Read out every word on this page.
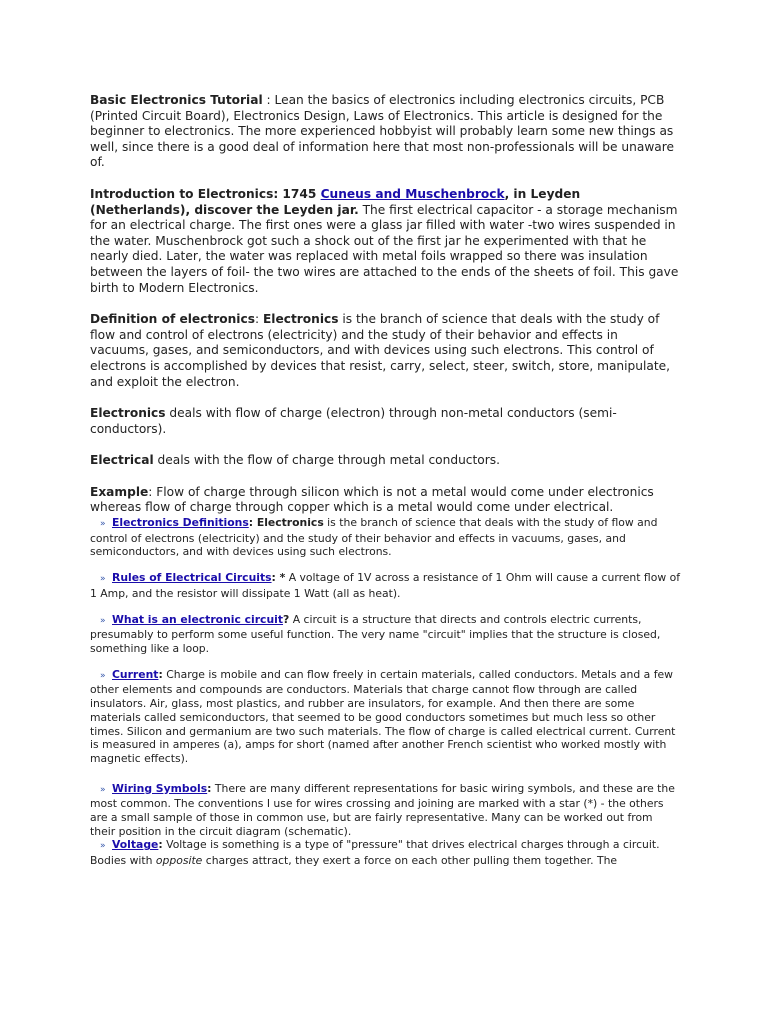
Basic Electronics Tutorial : Lean the basics of electronics including electronics circuits, PCB (Printed Circuit Board), Electronics Design, Laws of Electronics. This article is designed for the beginner to electronics. The more experienced hobbyist will probably learn some new things as well, since there is a good deal of information here that most non-professionals will be unaware of.

Introduction to Electronics: 1745 Cuneus and Muschenbrock, in Leyden (Netherlands), discover the Leyden jar. The first electrical capacitor - a storage mechanism for an electrical charge. The first ones were a glass jar filled with water -two wires suspended in the water. Muschenbrock got such a shock out of the first jar he experimented with that he nearly died. Later, the water was replaced with metal foils wrapped so there was insulation between the layers of foil- the two wires are attached to the ends of the sheets of foil. This gave birth to Modern Electronics.

Definition of electronics: Electronics is the branch of science that deals with the study of flow and control of electrons (electricity) and the study of their behavior and effects in vacuums, gases, and semiconductors, and with devices using such electrons. This control of electrons is accomplished by devices that resist, carry, select, steer, switch, store, manipulate, and exploit the electron.

Electronics deals with flow of charge (electron) through non-metal conductors (semi-conductors).

Electrical deals with the flow of charge through metal conductors.

Example: Flow of charge through silicon which is not a metal would come under electronics whereas flow of charge through copper which is a metal would come under electrical.

» Electronics Definitions: Electronics is the branch of science that deals with the study of flow and control of electrons (electricity) and the study of their behavior and effects in vacuums, gases, and semiconductors, and with devices using such electrons.

» Rules of Electrical Circuits: * A voltage of 1V across a resistance of 1 Ohm will cause a current flow of 1 Amp, and the resistor will dissipate 1 Watt (all as heat).

» What is an electronic circuit? A circuit is a structure that directs and controls electric currents, presumably to perform some useful function. The very name "circuit" implies that the structure is closed, something like a loop.

» Current: Charge is mobile and can flow freely in certain materials, called conductors. Metals and a few other elements and compounds are conductors. Materials that charge cannot flow through are called insulators. Air, glass, most plastics, and rubber are insulators, for example. And then there are some materials called semiconductors, that seemed to be good conductors sometimes but much less so other times. Silicon and germanium are two such materials. The flow of charge is called electrical current. Current is measured in amperes (a), amps for short (named after another French scientist who worked mostly with magnetic effects).

» Wiring Symbols: There are many different representations for basic wiring symbols, and these are the most common. The conventions I use for wires crossing and joining are marked with a star (*) - the others are a small sample of those in common use, but are fairly representative. Many can be worked out from their position in the circuit diagram (schematic).

» Voltage: Voltage is something is a type of "pressure" that drives electrical charges through a circuit.

Bodies with opposite charges attract, they exert a force on each other pulling them together. The
